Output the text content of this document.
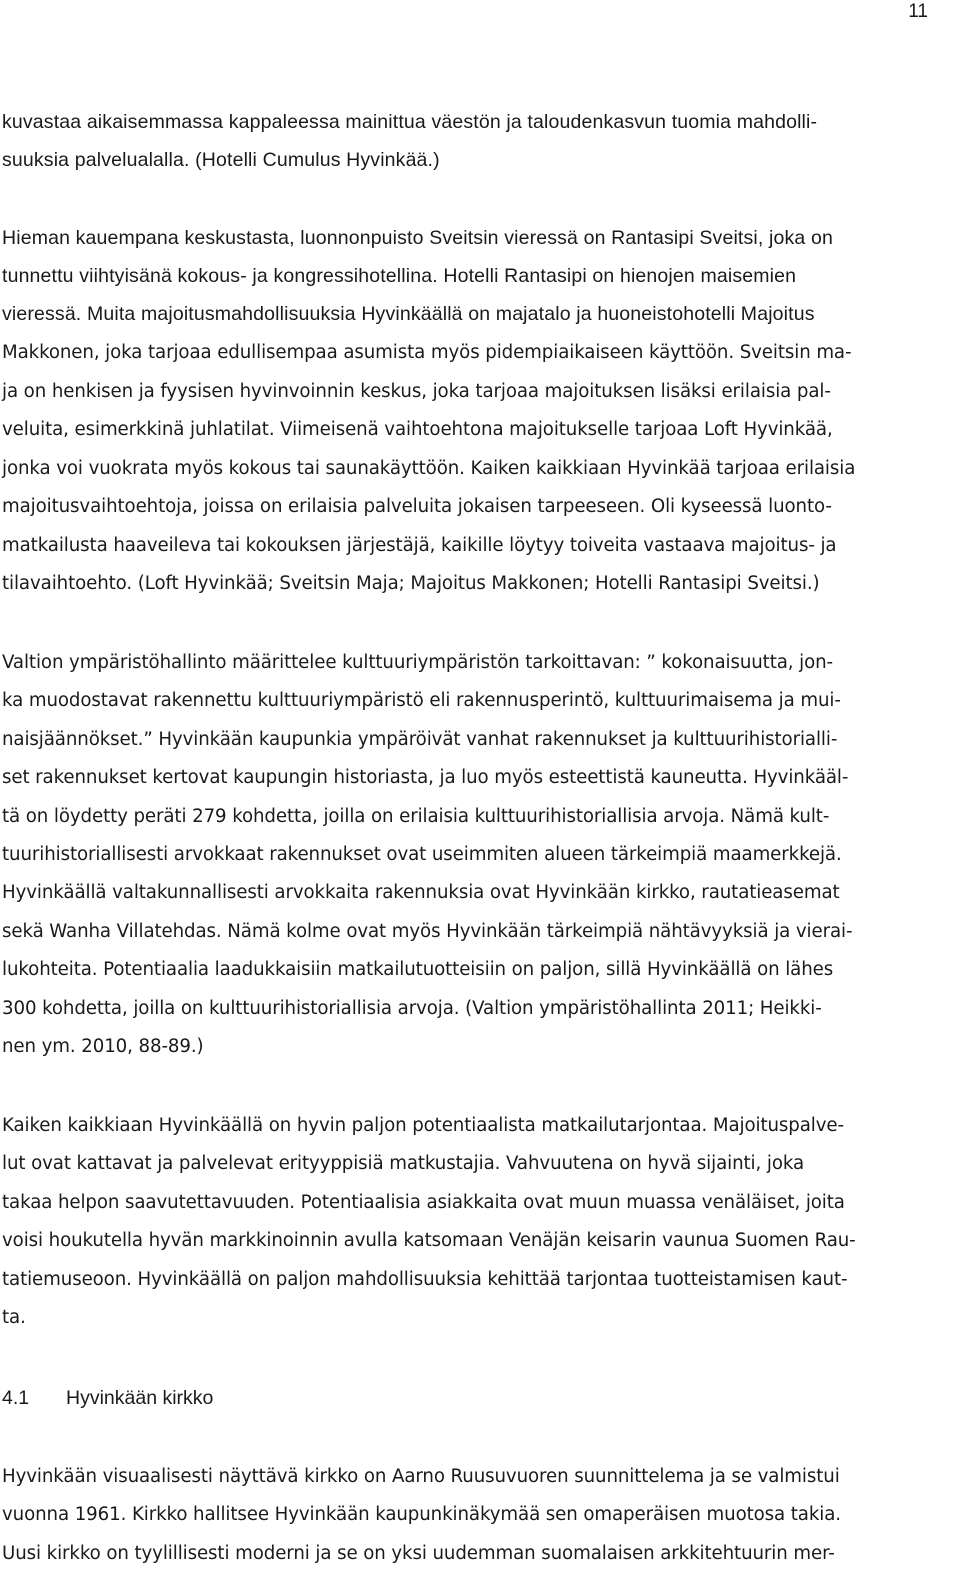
11
kuvastaa aikaisemmassa kappaleessa mainittua väestön ja taloudenkasvun tuomia mahdolli-
suuksia palvelualalla. (Hotelli Cumulus Hyvinkää.)
Hieman kauempana keskustasta, luonnonpuisto Sveitsin vieressä on Rantasipi Sveitsi, joka on
tunnettu viihtyisänä kokous- ja kongressihotellina. Hotelli Rantasipi on hienojen maisemien
vieressä. Muita majoitusmahdollisuuksia Hyvinkäällä on majatalo ja huoneistohotelli Majoitus
Makkonen, joka tarjoaa edullisempaa asumista myös pidempiaikaiseen käyttöön. Sveitsin ma-
ja on henkisen ja fyysisen hyvinvoinnin keskus, joka tarjoaa majoituksen lisäksi erilaisia pal-
veluita, esimerkkinä juhlatilat. Viimeisenä vaihtoehtona majoitukselle tarjoaa Loft Hyvinkää,
jonka voi vuokrata myös kokous tai saunakäyttöön. Kaiken kaikkiaan Hyvinkää tarjoaa erilaisia
majoitusvaihtoehtoja, joissa on erilaisia palveluita jokaisen tarpeeseen. Oli kyseessä luonto-
matkailusta haaveileva tai kokouksen järjestäjä, kaikille löytyy toiveita vastaava majoitus- ja
tilavaihtoehto. (Loft Hyvinkää; Sveitsin Maja; Majoitus Makkonen; Hotelli Rantasipi Sveitsi.)
Valtion ympäristöhallinto määrittelee kulttuuriympäristön tarkoittavan: ” kokonaisuutta, jon-
ka muodostavat rakennettu kulttuuriympäristö eli rakennusperintö, kulttuurimaisema ja mui-
naisjäännökset.” Hyvinkään kaupunkia ympäröivät vanhat rakennukset ja kulttuurihistorialli-
set rakennukset kertovat kaupungin historiasta, ja luo myös esteettistä kauneutta. Hyvinkääl-
tä on löydetty peräti 279 kohdetta, joilla on erilaisia kulttuurihistoriallisia arvoja. Nämä kult-
tuurihistoriallisesti arvokkaat rakennukset ovat useimmiten alueen tärkeimpiä maamerkkejä.
Hyvinkäällä valtakunnallisesti arvokkaita rakennuksia ovat Hyvinkään kirkko, rautatieasemat
sekä Wanha Villatehdas. Nämä kolme ovat myös Hyvinkään tärkeimpiä nähtävyyksiä ja vierai-
lukohteita. Potentiaalia laadukkaisiin matkailutuotteisiin on paljon, sillä Hyvinkäällä on lähes
300 kohdetta, joilla on kulttuurihistoriallisia arvoja. (Valtion ympäristöhallinta 2011; Heikki-
nen ym. 2010, 88-89.)
Kaiken kaikkiaan Hyvinkäällä on hyvin paljon potentiaalista matkailutarjontaa. Majoituspalve-
lut ovat kattavat ja palvelevat erityyppisiä matkustajia. Vahvuutena on hyvä sijainti, joka
takaa helpon saavutettavuuden. Potentiaalisia asiakkaita ovat muun muassa venäläiset, joita
voisi houkutella hyvän markkinoinnin avulla katsomaan Venäjän keisarin vaunua Suomen Rau-
tatiemuseoon. Hyvinkäällä on paljon mahdollisuuksia kehittää tarjontaa tuotteistamisen kaut-
ta.
4.1 Hyvinkään kirkko
Hyvinkään visuaalisesti näyttävä kirkko on Aarno Ruusuvuoren suunnittelema ja se valmistui
vuonna 1961. Kirkko hallitsee Hyvinkään kaupunkinäkymää sen omaperäisen muotosa takia.
Uusi kirkko on tyylillisesti moderni ja se on yksi uudemman suomalaisen arkkitehtuurin mer-
